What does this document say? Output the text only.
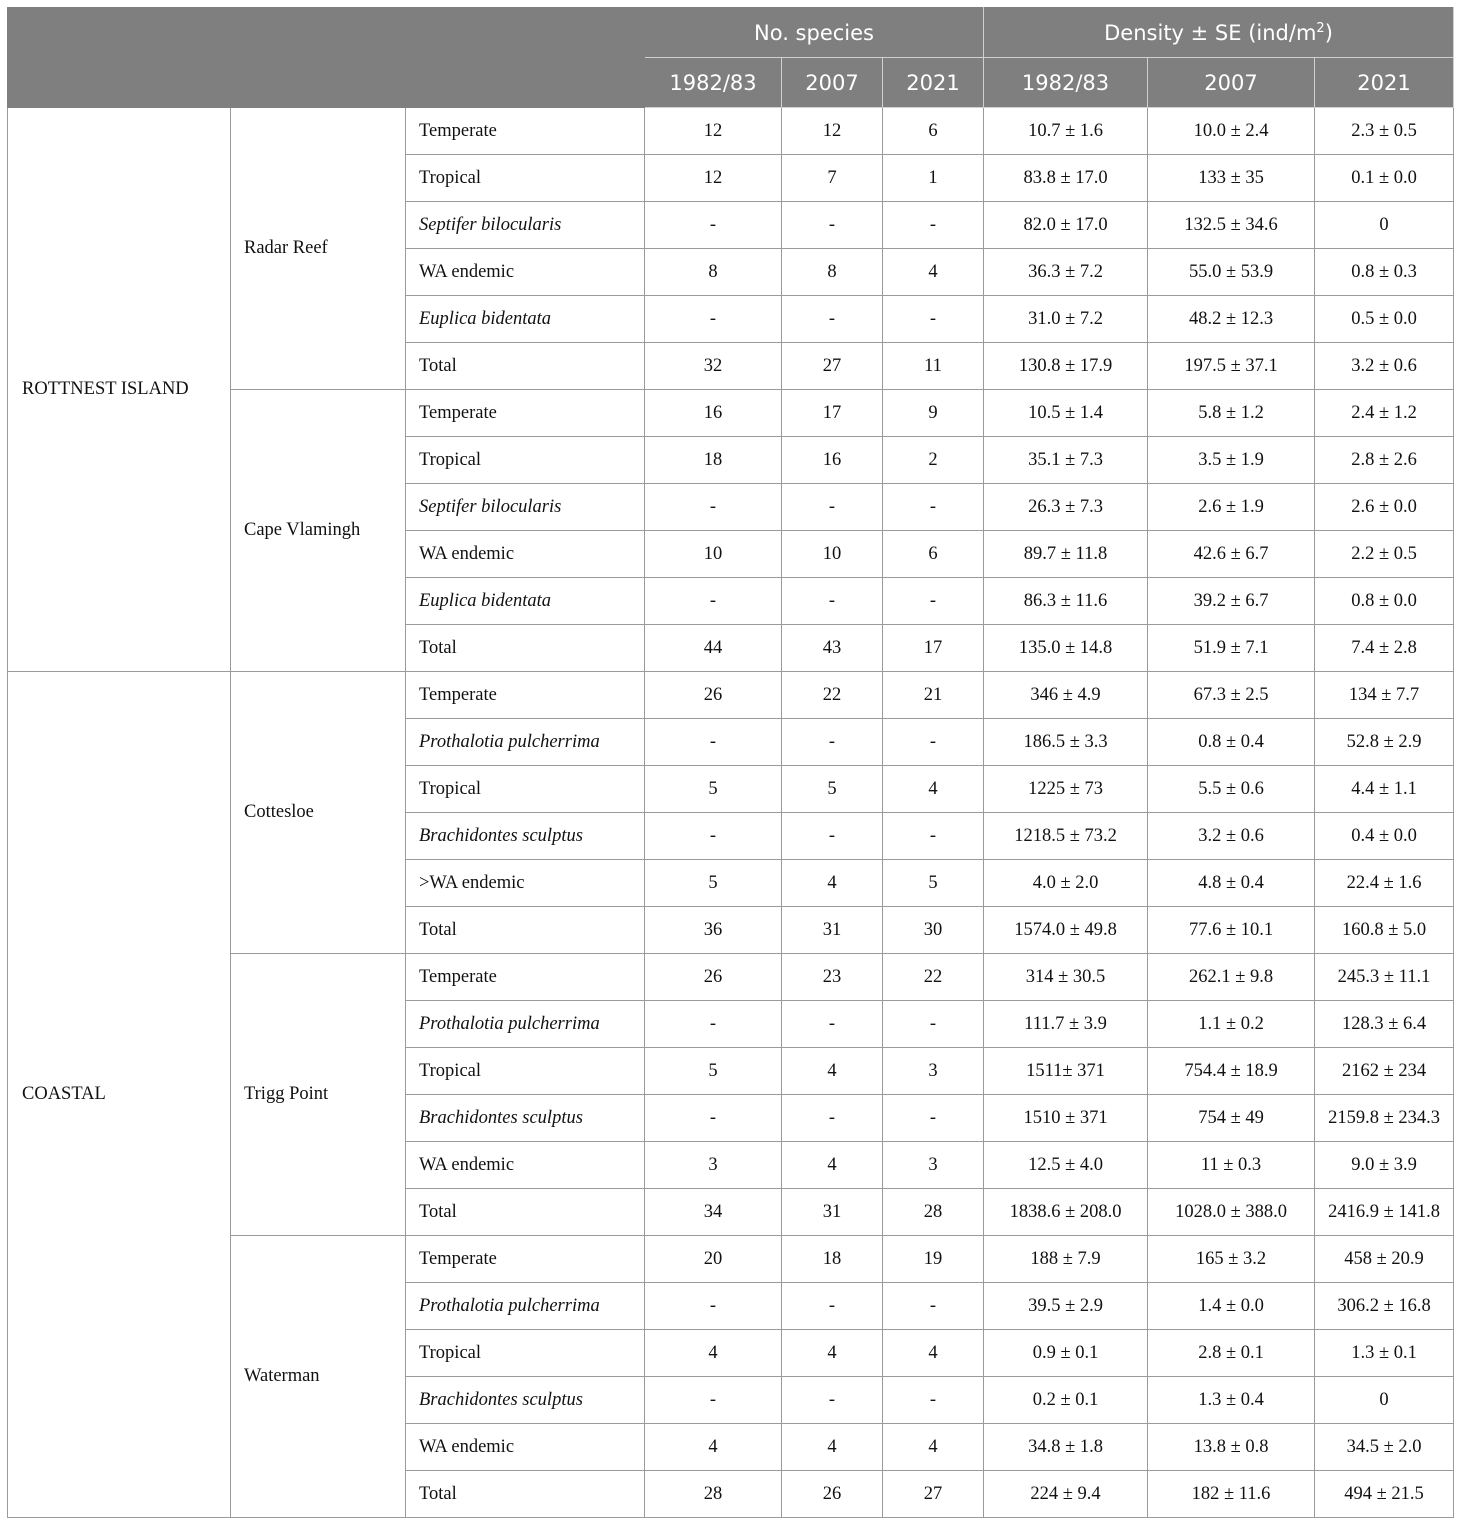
			No. species			Density ± SE $(ind/m^2)$		
			1982/83	2007	2021	1982/83	2007	2021
ROTTNEST ISLAND	Radar Reef	Temperate	12	12	6	10.7 ± 1.6	10.0 ± 2.4	2.3 ± 0.5
		Tropical	12	7	1	83.8 ± 17.0	133 ± 35	0.1 ± 0.0
		Septifer bilocularis	-	-	-	82.0 ± 17.0	132.5 ± 34.6	0
		WA endemic	8	8	4	36.3 ± 7.2	55.0 ± 53.9	0.8 ± 0.3
		Euplica bidentata	-	-	-	31.0 ± 7.2	48.2 ± 12.3	0.5 ± 0.0
		Total	32	27	11	130.8 ± 17.9	197.5 ± 37.1	3.2 ± 0.6
	Cape Vlamingh	Temperate	16	17	9	10.5 ± 1.4	5.8 ± 1.2	2.4 ± 1.2
		Tropical	18	16	2	35.1 ± 7.3	3.5 ± 1.9	2.8 ± 2.6
		Septifer bilocularis	-	-	-	26.3 ± 7.3	2.6 ± 1.9	2.6 ± 0.0
		WA endemic	10	10	6	89.7 ± 11.8	42.6 ± 6.7	2.2 ± 0.5
		Euplica bidentata	-	-	-	86.3 ± 11.6	39.2 ± 6.7	0.8 ± 0.0
		Total	44	43	17	135.0 ± 14.8	51.9 ± 7.1	7.4 ± 2.8
COASTAL	Cottesloe	Temperate	26	22	21	346 ± 4.9	67.3 ± 2.5	134 ± 7.7
		Prothalotia pulcherrima	-	-	-	186.5 ± 3.3	0.8 ± 0.4	52.8 ± 2.9
		Tropical	5	5	4	1225 ± 73	5.5 ± 0.6	4.4 ± 1.1
		Brachidontes sculptus	-	-	-	1218.5 ± 73.2	3.2 ± 0.6	0.4 ± 0.0
		>WA endemic	5	4	5	4.0 ± 2.0	4.8 ± 0.4	22.4 ± 1.6
		Total	36	31	30	1574.0 ± 49.8	77.6 ± 10.1	160.8 ± 5.0
	Trigg Point	Temperate	26	23	22	314 ± 30.5	262.1 ± 9.8	245.3 ± 11.1
		Prothalotia pulcherrima	-	-	-	111.7 ± 3.9	1.1 ± 0.2	128.3 ± 6.4
		Tropical	5	4	3	1511± 371	754.4 ± 18.9	2162 ± 234
		Brachidontes sculptus	-	-	-	1510 ± 371	754 ± 49	2159.8 ± 234.3
		WA endemic	3	4	3	12.5 ± 4.0	11 ± 0.3	9.0 ± 3.9
		Total	34	31	28	1838.6 ± 208.0	1028.0 ± 388.0	2416.9 ± 141.8
	Waterman	Temperate	20	18	19	188 ± 7.9	165 ± 3.2	458 ± 20.9
		Prothalotia pulcherrima	-	-	-	39.5 ± 2.9	1.4 ± 0.0	306.2 ± 16.8
		Tropical	4	4	4	0.9 ± 0.1	2.8 ± 0.1	1.3 ± 0.1
		Brachidontes sculptus	-	-	-	0.2 ± 0.1	1.3 ± 0.4	0
		WA endemic	4	4	4	34.8 ± 1.8	13.8 ± 0.8	34.5 ± 2.0
		Total	28	26	27	224 ± 9.4	182 ± 11.6	494 ± 21.5
